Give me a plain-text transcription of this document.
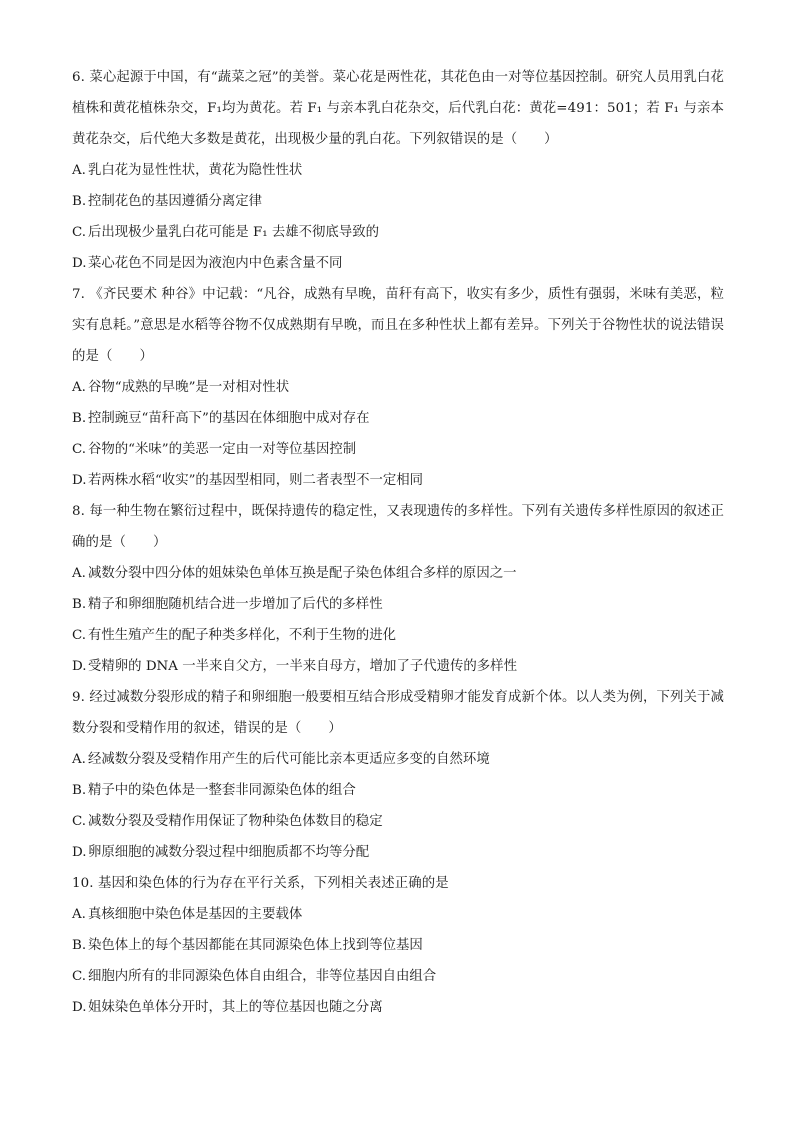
6. 菜心起源于中国，有“蔬菜之冠”的美誉。菜心花是两性花，其花色由一对等位基因控制。研究人员用乳白花植株和黄花植株杂交，F₁均为黄花。若 F₁ 与亲本乳白花杂交，后代乳白花：黄花=491：501；若 F₁ 与亲本黄花杂交，后代绝大多数是黄花，出现极少量的乳白花。下列叙错误的是（　　）

A. 乳白花为显性性状，黄花为隐性性状

B. 控制花色的基因遵循分离定律

C. 后出现极少量乳白花可能是 F₁ 去雄不彻底导致的

D.菜心花色不同是因为液泡内中色素含量不同

7. 《齐民要术 种谷》中记载：“凡谷，成熟有早晚，苗秆有高下，收实有多少，质性有强弱，米味有美恶，粒实有息耗。”意思是水稻等谷物不仅成熟期有早晚，而且在多种性状上都有差异。下列关于谷物性状的说法错误的是（　　）

A. 谷物“成熟的早晚”是一对相对性状

B. 控制豌豆“苗秆高下”的基因在体细胞中成对存在

C. 谷物的“米味”的美恶一定由一对等位基因控制

D.若两株水稻“收实”的基因型相同，则二者表型不一定相同

8. 每一种生物在繁衍过程中，既保持遗传的稳定性，又表现遗传的多样性。下列有关遗传多样性原因的叙述正确的是（　　）

A. 减数分裂中四分体的姐妹染色单体互换是配子染色体组合多样的原因之一

B. 精子和卵细胞随机结合进一步增加了后代的多样性

C. 有性生殖产生的配子种类多样化，不利于生物的进化

D.受精卵的 DNA 一半来自父方，一半来自母方，增加了子代遗传的多样性

9. 经过减数分裂形成的精子和卵细胞一般要相互结合形成受精卵才能发育成新个体。以人类为例，下列关于减数分裂和受精作用的叙述，错误的是（　　）

A. 经减数分裂及受精作用产生的后代可能比亲本更适应多变的自然环境

B. 精子中的染色体是一整套非同源染色体的组合

C. 减数分裂及受精作用保证了物种染色体数目的稳定

D.卵原细胞的减数分裂过程中细胞质都不均等分配

10. 基因和染色体的行为存在平行关系，下列相关表述正确的是

A. 真核细胞中染色体是基因的主要载体

B. 染色体上的每个基因都能在其同源染色体上找到等位基因

C. 细胞内所有的非同源染色体自由组合，非等位基因自由组合

D.姐妹染色单体分开时，其上的等位基因也随之分离
